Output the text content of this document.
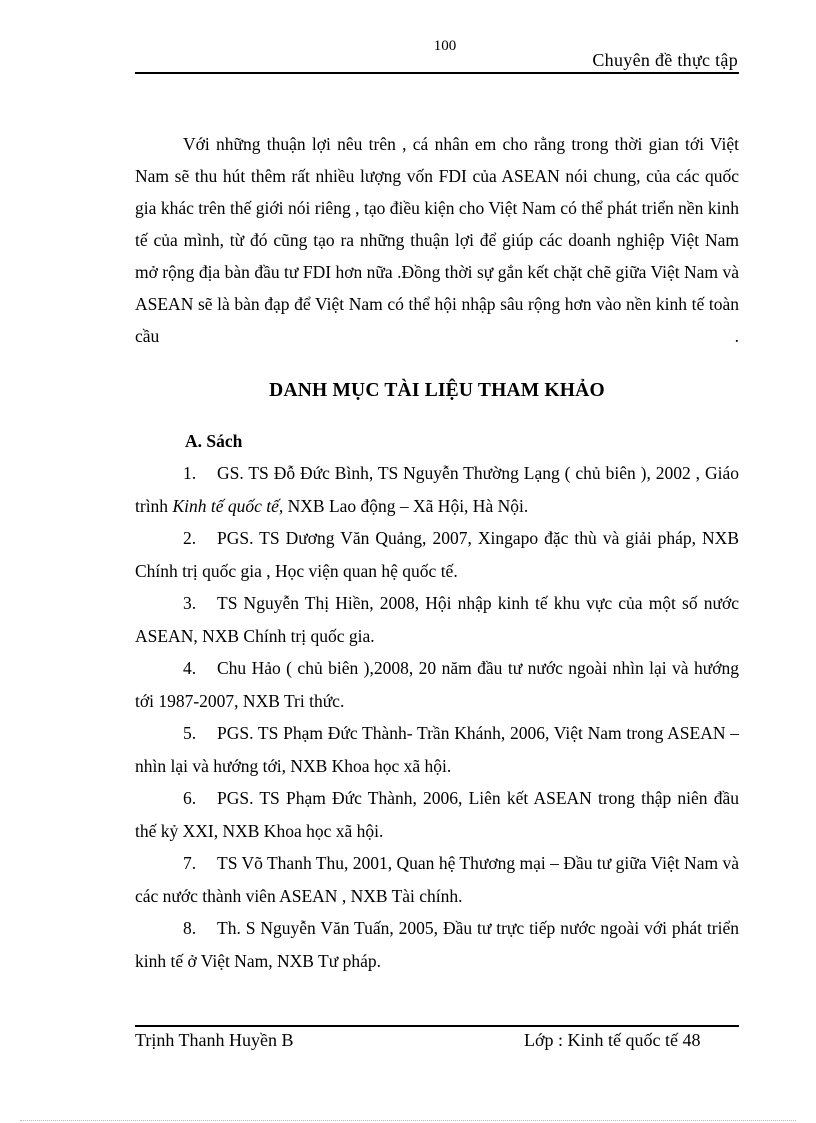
100
Chuyên đề thực tập

Với những thuận lợi nêu trên , cá nhân em cho rằng trong thời gian tới Việt Nam sẽ thu hút thêm rất nhiều lượng vốn FDI của ASEAN nói chung, của các quốc gia khác trên thế giới nói riêng , tạo điều kiện cho Việt Nam có thể phát triển nền kinh tế của mình, từ đó cũng tạo ra những thuận lợi để giúp các doanh nghiệp Việt Nam mở rộng địa bàn đầu tư FDI hơn nữa .Đồng thời sự gắn kết chặt chẽ giữa Việt Nam và ASEAN sẽ là bàn đạp để Việt Nam có thể hội nhập sâu rộng hơn vào nền kinh tế toàn cầu .

DANH MỤC TÀI LIỆU THAM KHẢO
A. Sách
1. GS. TS Đỗ Đức Bình, TS Nguyễn Thường Lạng ( chủ biên ), 2002 , Giáo trình Kinh tế quốc tế, NXB Lao động – Xã Hội, Hà Nội.
2. PGS. TS Dương Văn Quảng, 2007, Xingapo đặc thù và giải pháp, NXB Chính trị quốc gia , Học viện quan hệ quốc tế.
3. TS Nguyễn Thị Hiền, 2008, Hội nhập kinh tế khu vực của một số nước ASEAN, NXB Chính trị quốc gia.
4. Chu Hảo ( chủ biên ),2008, 20 năm đầu tư nước ngoài nhìn lại và hướng tới 1987-2007, NXB Tri thức.
5. PGS. TS Phạm Đức Thành- Trần Khánh, 2006, Việt Nam trong ASEAN – nhìn lại và hướng tới, NXB Khoa học xã hội.
6. PGS. TS Phạm Đức Thành, 2006, Liên kết ASEAN trong thập niên đầu thế kỷ XXI, NXB Khoa học xã hội.
7. TS Võ Thanh Thu, 2001, Quan hệ Thương mại – Đầu tư giữa Việt Nam và các nước thành viên ASEAN , NXB Tài chính.
8. Th. S Nguyễn Văn Tuấn, 2005, Đầu tư trực tiếp nước ngoài với phát triển kinh tế ở Việt Nam, NXB Tư pháp.
Trịnh Thanh Huyền B	Lớp : Kinh tế quốc tế 48
